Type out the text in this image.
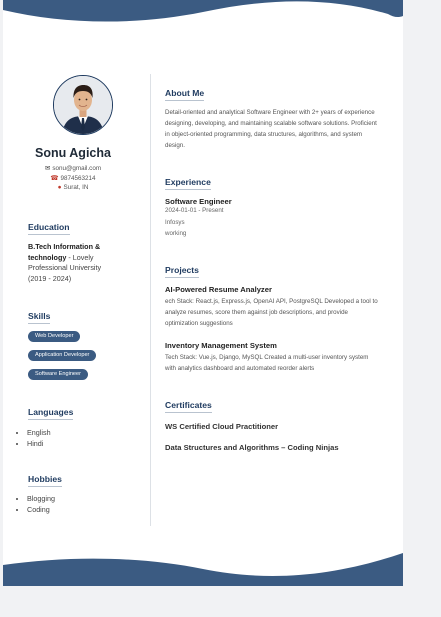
Sonu Agicha
✉ sonu@gmail.com
☎ 9874563214
● Surat, IN
Education
B.Tech Information & technology - Lovely Professional University
(2019 - 2024)
Skills
Web Developer
Application Developer
Software Engineer
Languages
• English
• Hindi
Hobbies
• Blogging
• Coding
About Me
Detail-oriented and analytical Software Engineer with 2+ years of experience designing, developing, and maintaining scalable software solutions. Proficient in object-oriented programming, data structures, algorithms, and system design.
Experience
Software Engineer
2024-01-01 - Present
Infosys
working
Projects
AI-Powered Resume Analyzer
ech Stack: React.js, Express.js, OpenAI API, PostgreSQL Developed a tool to analyze resumes, score them against job descriptions, and provide optimization suggestions
Inventory Management System
Tech Stack: Vue.js, Django, MySQL Created a multi-user inventory system with analytics dashboard and automated reorder alerts
Certificates
WS Certified Cloud Practitioner
Data Structures and Algorithms – Coding Ninjas
